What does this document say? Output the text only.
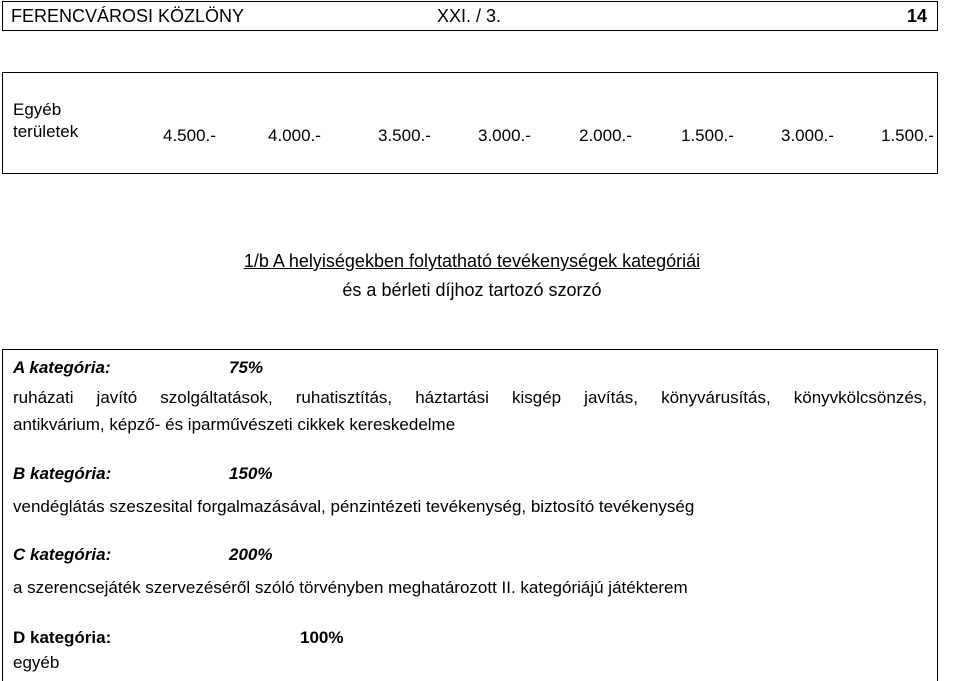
FERENCVÁROSI KÖZLÖNY	XXI. / 3.	14
Egyéb
területek	4.500.-	4.000.-	3.500.-	3.000.-	2.000.-	1.500.-	3.000.-	1.500.-
1/b A helyiségekben folytatható tevékenységek kategóriái
és a bérleti díjhoz tartozó szorzó
A kategória:	75%
ruházati javító szolgáltatások, ruhatisztítás, háztartási kisgép javítás, könyvárusítás, könyvkölcsönzés,
antikvárium, képző- és iparművészeti cikkek kereskedelme
B kategória:	150%
vendéglátás szeszesital forgalmazásával, pénzintézeti tevékenység, biztosító tevékenység
C kategória:	200%
a szerencsejáték szervezéséről szóló törvényben meghatározott II. kategóriájú játékterem
D kategória:	100%
egyéb
